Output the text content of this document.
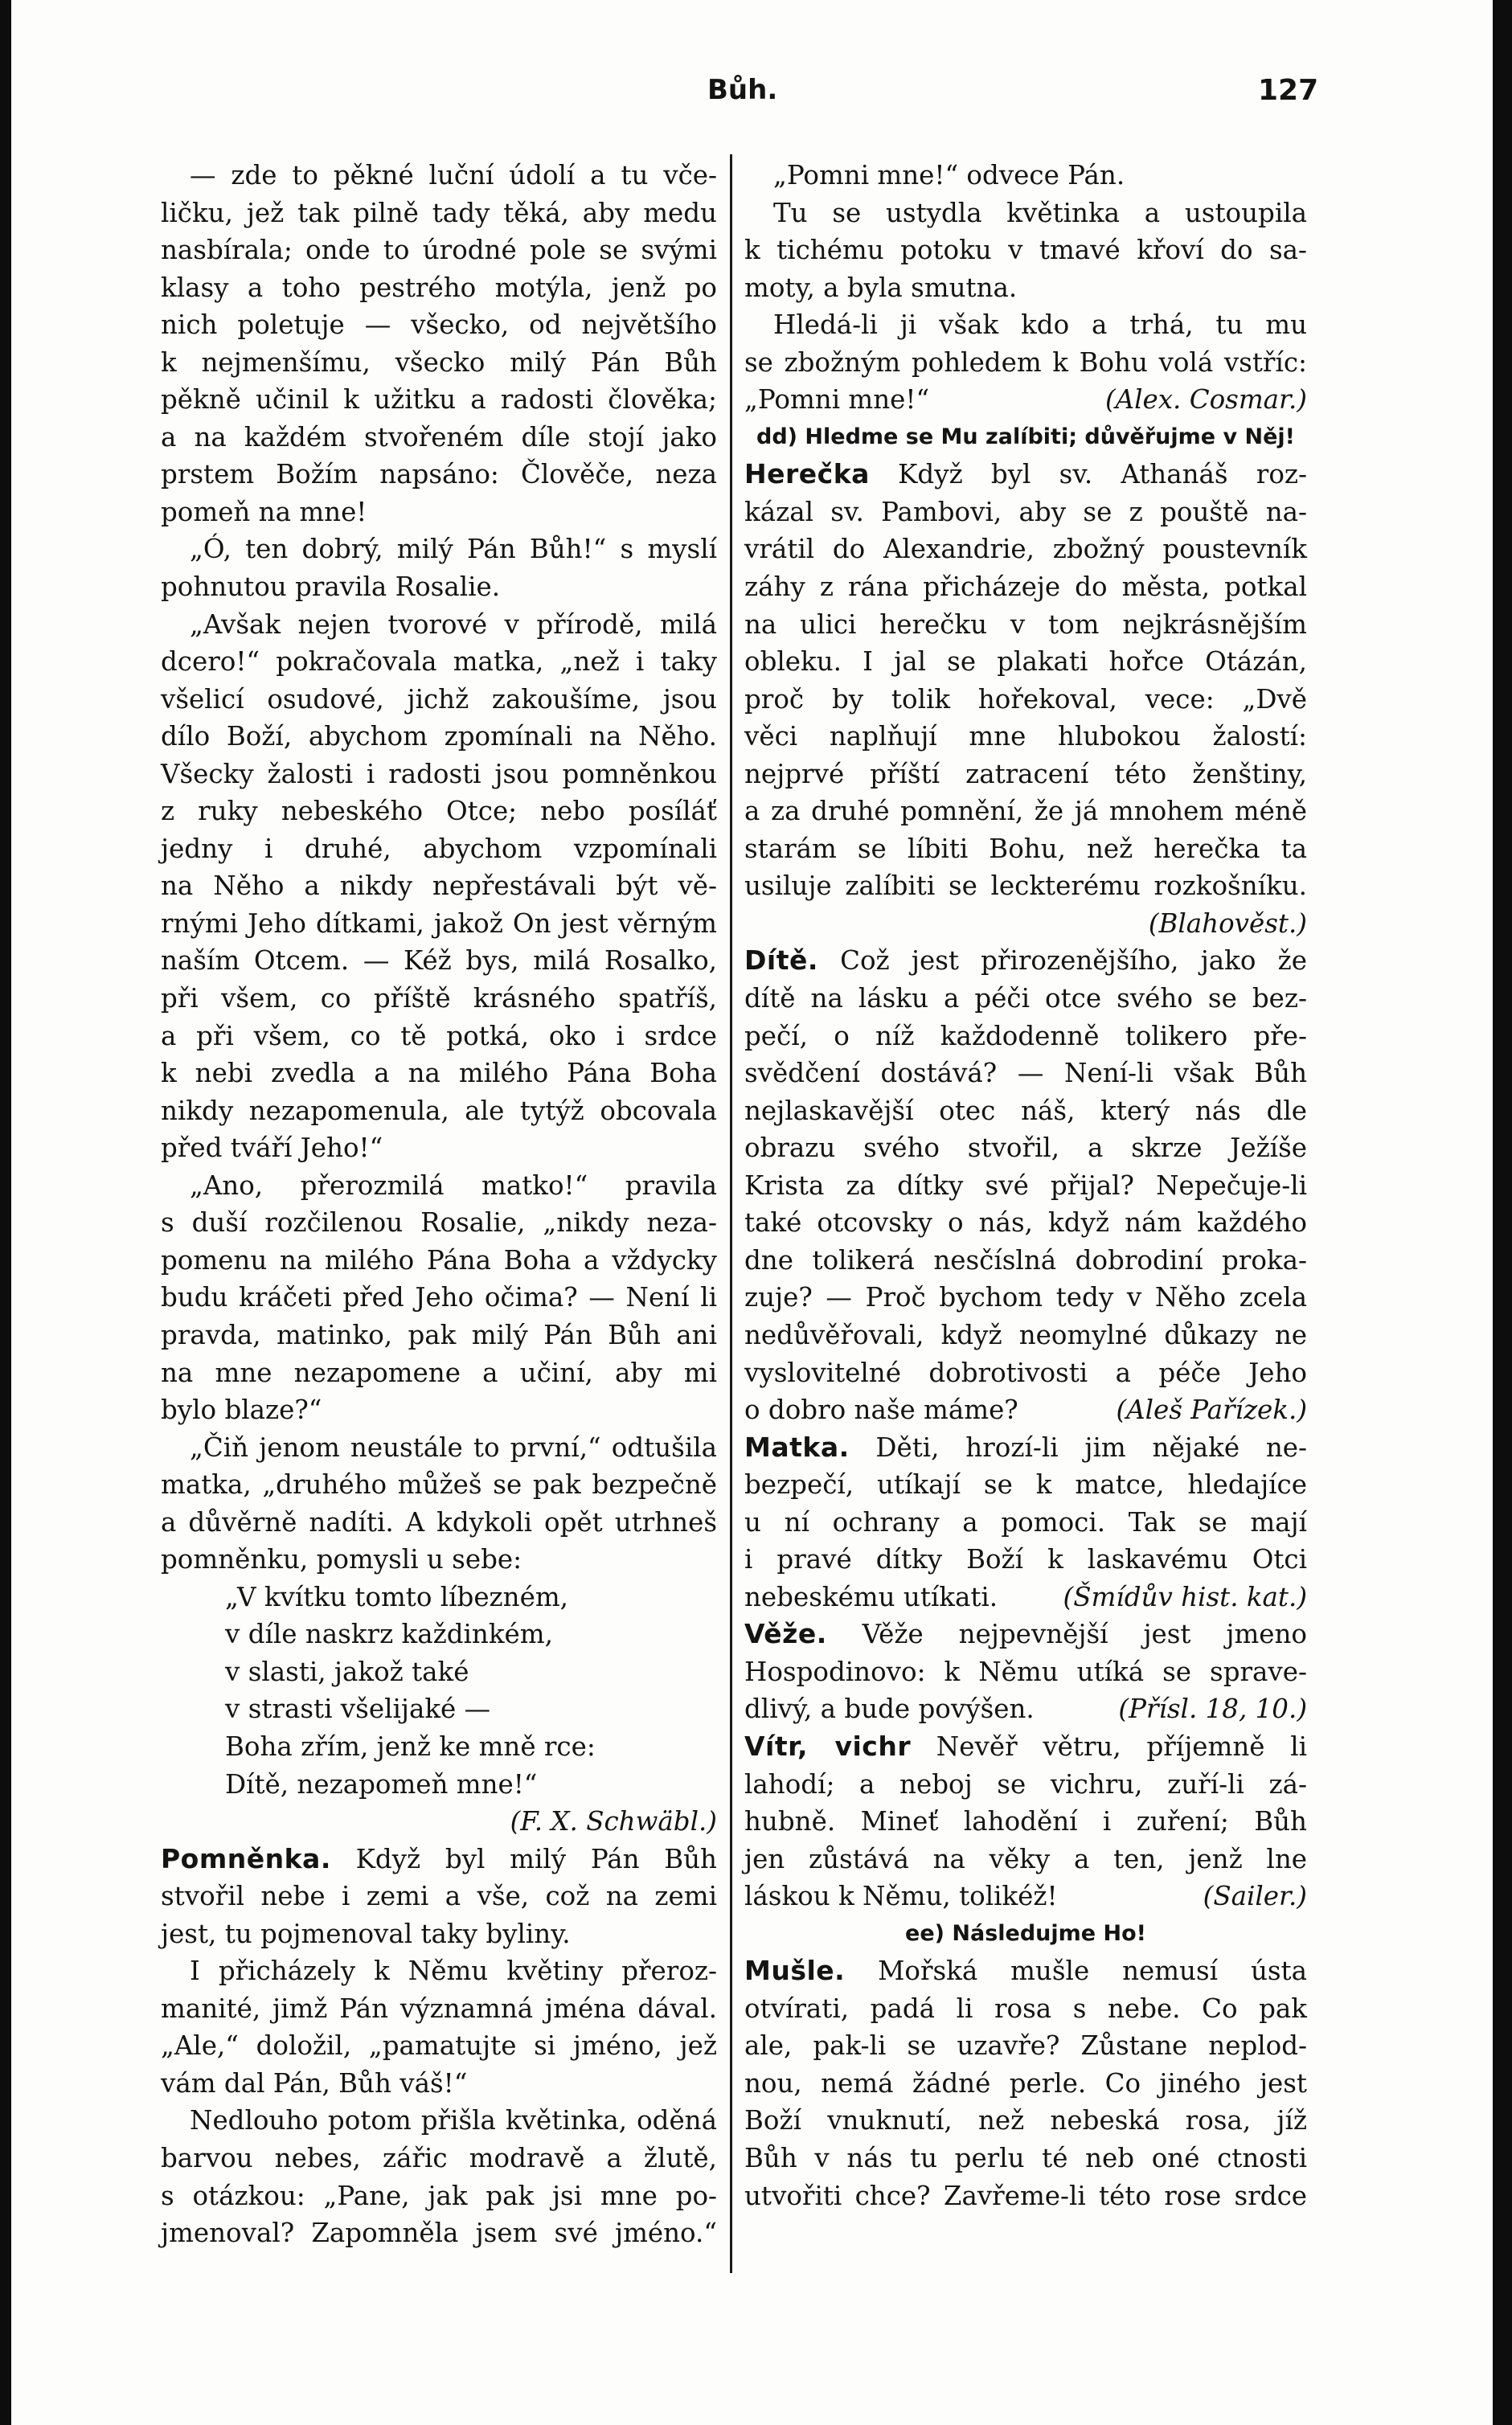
Bůh.	127
— zde to pěkné luční údolí a tu vče-
ličku, jež tak pilně tady těká, aby medu
nasbírala; onde to úrodné pole se svými
klasy a toho pestrého motýla, jenž po
nich poletuje — všecko, od největšího
k nejmenšímu, všecko milý Pán Bůh
pěkně učinil k užitku a radosti člověka;
a na každém stvořeném díle stojí jako
prstem Božím napsáno: Člověče, neza
pomeň na mne!
„Ó, ten dobrý, milý Pán Bůh!“ s myslí
pohnutou pravila Rosalie.
„Avšak nejen tvorové v přírodě, milá
dcero!“ pokračovala matka, „než i taky
všelicí osudové, jichž zakoušíme, jsou
dílo Boží, abychom zpomínali na Něho.
Všecky žalosti i radosti jsou pomněnkou
z ruky nebeského Otce; nebo posíláť
jedny i druhé, abychom vzpomínali
na Něho a nikdy nepřestávali být vě-
rnými Jeho dítkami, jakož On jest věrným
naším Otcem. — Kéž bys, milá Rosalko,
při všem, co příště krásného spatříš,
a při všem, co tě potká, oko i srdce
k nebi zvedla a na milého Pána Boha
nikdy nezapomenula, ale tytýž obcovala
před tváří Jeho!“
„Ano, přerozmilá matko!“ pravila
s duší rozčilenou Rosalie, „nikdy neza-
pomenu na milého Pána Boha a vždycky
budu kráčeti před Jeho očima? — Není li
pravda, matinko, pak milý Pán Bůh ani
na mne nezapomene a učiní, aby mi
bylo blaze?“
„Čiň jenom neustále to první,“ odtušila
matka, „druhého můžeš se pak bezpečně
a důvěrně nadíti. A kdykoli opět utrhneš
pomněnku, pomysli u sebe:
„V kvítku tomto líbezném,
v díle naskrz každinkém,
v slasti, jakož také
v strasti všelijaké —
Boha zřím, jenž ke mně rce:
Dítě, nezapomeň mne!“
(F. X. Schwäbl.)
Pomněnka. Když byl milý Pán Bůh
stvořil nebe i zemi a vše, což na zemi
jest, tu pojmenoval taky byliny.
I přicházely k Němu květiny přeroz-
manité, jimž Pán významná jména dával.
„Ale,“ doložil, „pamatujte si jméno, jež
vám dal Pán, Bůh váš!“
Nedlouho potom přišla květinka, oděná
barvou nebes, zářic modravě a žlutě,
s otázkou: „Pane, jak pak jsi mne po-
jmenoval? Zapomněla jsem své jméno.“
„Pomni mne!“ odvece Pán.
Tu se ustydla květinka a ustoupila
k tichému potoku v tmavé křoví do sa-
moty, a byla smutna.
Hledá-li ji však kdo a trhá, tu mu
se zbožným pohledem k Bohu volá vstříc:
„Pomni mne!“	(Alex. Cosmar.)
dd) Hledme se Mu zalíbiti; důvěřujme v Něj!
Herečka Když byl sv. Athanáš roz-
kázal sv. Pambovi, aby se z pouště na-
vrátil do Alexandrie, zbožný poustevník
záhy z rána přicházeje do města, potkal
na ulici herečku v tom nejkrásnějším
obleku. I jal se plakati hořce Otázán,
proč by tolik hořekoval, vece: „Dvě
věci naplňují mne hlubokou žalostí:
nejprvé příští zatracení této ženštiny,
a za druhé pomnění, že já mnohem méně
starám se líbiti Bohu, než herečka ta
usiluje zalíbiti se leckterému rozkošníku.
(Blahověst.)
Dítě. Což jest přirozenějšího, jako že
dítě na lásku a péči otce svého se bez-
pečí, o níž každodenně tolikero pře-
svědčení dostává? — Není-li však Bůh
nejlaskavější otec náš, který nás dle
obrazu svého stvořil, a skrze Ježíše
Krista za dítky své přijal? Nepečuje-li
také otcovsky o nás, když nám každého
dne tolikerá nesčíslná dobrodiní proka-
zuje? — Proč bychom tedy v Něho zcela
nedůvěřovali, když neomylné důkazy ne
vyslovitelné dobrotivosti a péče Jeho
o dobro naše máme?	(Aleš Pařízek.)
Matka. Děti, hrozí-li jim nějaké ne-
bezpečí, utíkají se k matce, hledajíce
u ní ochrany a pomoci. Tak se mají
i pravé dítky Boží k laskavému Otci
nebeskému utíkati.	(Šmídův hist. kat.)
Věže. Věže nejpevnější jest jmeno
Hospodinovo: k Němu utíká se sprave-
dlivý, a bude povýšen.	(Přísl. 18, 10.)
Vítr, vichr Nevěř větru, příjemně li
lahodí; a neboj se vichru, zuří-li zá-
hubně. Mineť lahodění i zuření; Bůh
jen zůstává na věky a ten, jenž lne
láskou k Němu, tolikéž!	(Sailer.)
ee) Následujme Ho!
Mušle. Mořská mušle nemusí ústa
otvírati, padá li rosa s nebe. Co pak
ale, pak-li se uzavře? Zůstane neplod-
nou, nemá žádné perle. Co jiného jest
Boží vnuknutí, než nebeská rosa, jíž
Bůh v nás tu perlu té neb oné ctnosti
utvořiti chce? Zavřeme-li této rose srdce
